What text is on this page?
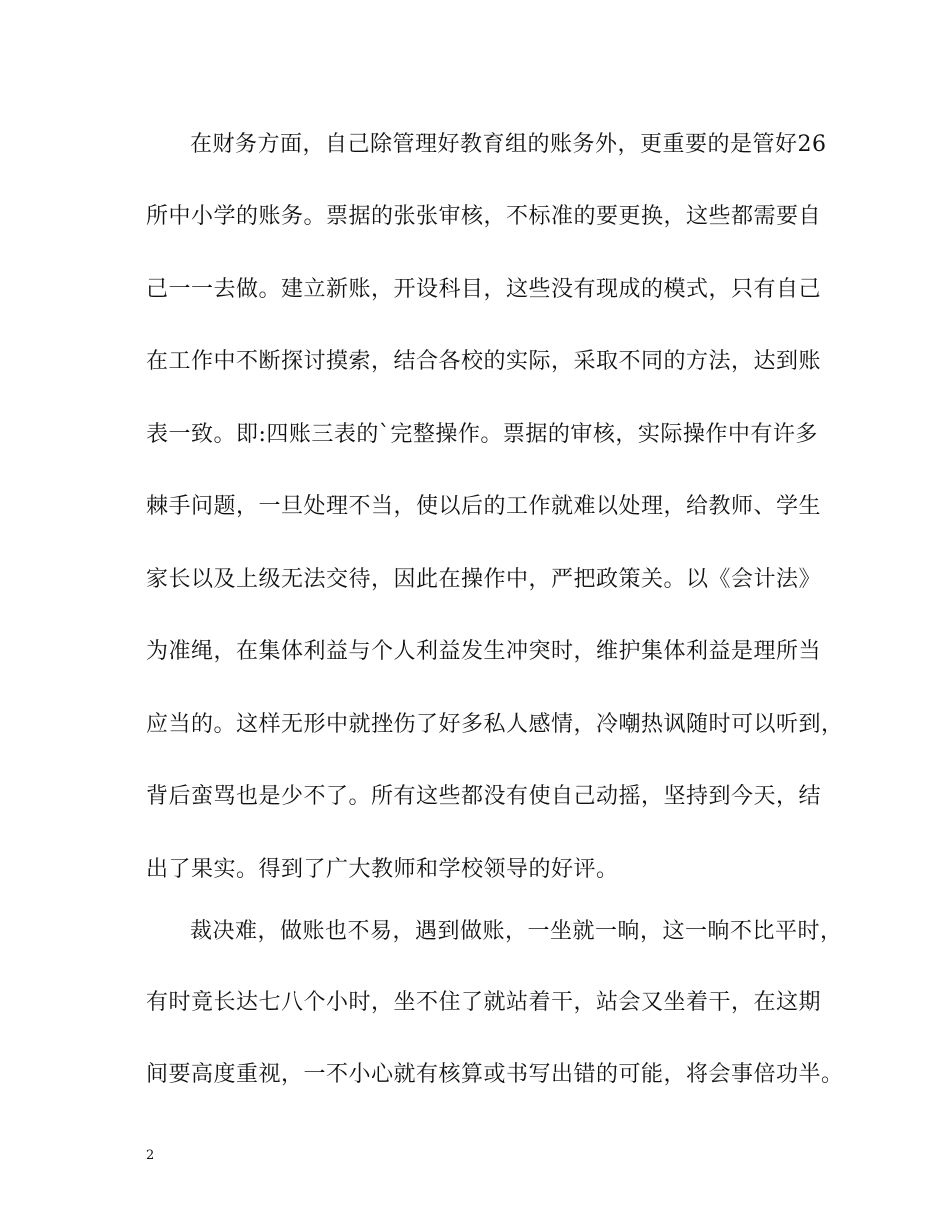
在财务方面，自己除管理好教育组的账务外，更重要的是管好26
所中小学的账务。票据的张张审核，不标准的要更换，这些都需要自
己一一去做。建立新账，开设科目，这些没有现成的模式，只有自己
在工作中不断探讨摸索，结合各校的实际，采取不同的方法，达到账
表一致。即:四账三表的`完整操作。票据的审核，实际操作中有许多
棘手问题，一旦处理不当，使以后的工作就难以处理，给教师、学生
家长以及上级无法交待，因此在操作中，严把政策关。以《会计法》
为准绳，在集体利益与个人利益发生冲突时，维护集体利益是理所当
应当的。这样无形中就挫伤了好多私人感情，冷嘲热讽随时可以听到，
背后蛮骂也是少不了。所有这些都没有使自己动摇，坚持到今天，结
出了果实。得到了广大教师和学校领导的好评。
裁决难，做账也不易，遇到做账，一坐就一晌，这一晌不比平时，
有时竟长达七八个小时，坐不住了就站着干，站会又坐着干，在这期
间要高度重视，一不小心就有核算或书写出错的可能，将会事倍功半。
2
